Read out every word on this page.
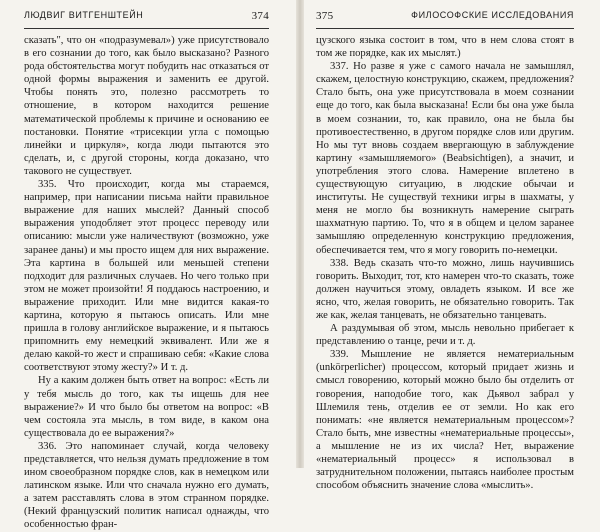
ЛЮДВИГ ВИТГЕНШТЕЙН	374

сказать", что он «подразумевал») уже присутствовало в его сознании до того, как было высказано? Разного рода обстоятельства могут побудить нас отказаться от одной формы выражения и заменить ее другой. Чтобы понять это, полезно рассмотреть то отношение, в котором находится решение математической проблемы к причине и основанию ее постановки. Понятие «трисекции угла с помощью линейки и циркуля», когда люди пытаются это сделать, и, с другой стороны, когда доказано, что такового не существует.

335. Что происходит, когда мы стараемся, например, при написании письма найти правильное выражение для наших мыслей? Данный способ выражения уподобляет этот процесс переводу или описанию: мысли уже наличествуют (возможно, уже заранее даны) и мы просто ищем для них выражение. Эта картина в большей или меньшей степени подходит для различных случаев. Но чего только при этом не может произойти! Я поддаюсь настроению, и выражение приходит. Или мне видится какая-то картина, которую я пытаюсь описать. Или мне пришла в голову английское выражение, и я пытаюсь припомнить ему немецкий эквивалент. Или же я делаю какой-то жест и спрашиваю себя: «Какие слова соответствуют этому жесту?» И т. д.

Ну а каким должен быть ответ на вопрос: «Есть ли у тебя мысль до того, как ты ищешь для нее выражение?» И что было бы ответом на вопрос: «В чем состояла эта мысль, в том виде, в каком она существовала до ее выражения?»

336. Это напоминает случай, когда человеку представляется, что нельзя думать предложение в том ином своеобразном порядке слов, как в немецком или латинском языке. Или что сначала нужно его думать, а затем расставлять слова в этом странном порядке. (Некий французский политик написал однажды, что особенностью фран-

375	ФИЛОСОФСКИЕ ИССЛЕДОВАНИЯ

цузского языка состоит в том, что в нем слова стоят в том же порядке, как их мыслят.)

337. Но разве я уже с самого начала не замышлял, скажем, целостную конструкцию, скажем, предложения? Стало быть, она уже присутствовала в моем сознании еще до того, как была высказана! Если бы она уже была в моем сознании, то, как правило, она не была бы противоестественно, в другом порядке слов или другим. Но мы тут вновь создаем ввергающую в заблуждение картину «замышляемого» (Beabsichtigen), а значит, и употребления этого слова. Намерение вплетено в существующую ситуацию, в людские обычаи и институты. Не существуй техники игры в шахматы, у меня не могло бы возникнуть намерение сыграть шахматную партию. То, что я в общем и целом заранее замышляю определенную конструкцию предложения, обеспечивается тем, что я могу говорить по-немецки.

338. Ведь сказать что-то можно, лишь научившись говорить. Выходит, тот, кто намерен что-то сказать, тоже должен научиться этому, овладеть языком. И все же ясно, что, желая говорить, не обязательно говорить. Так же как, желая танцевать, не обязательно танцевать.

А раздумывая об этом, мысль невольно прибегает к представлению о танце, речи и т. д.

339. Мышление не является нематериальным (unkörperlicher) процессом, который придает жизнь и смысл говорению, который можно было бы отделить от говорения, наподобие того, как Дьявол забрал у Шлемиля тень, отделив ее от земли. Но как его понимать: «не является нематериальным процессом»? Стало быть, мне известны «нематериальные процессы», а мышление не из их числа? Нет, выражение «нематериальный процесс» я использовал в затруднительном положении, пытаясь наиболее простым способом объяснить значение слова «мыслить».
